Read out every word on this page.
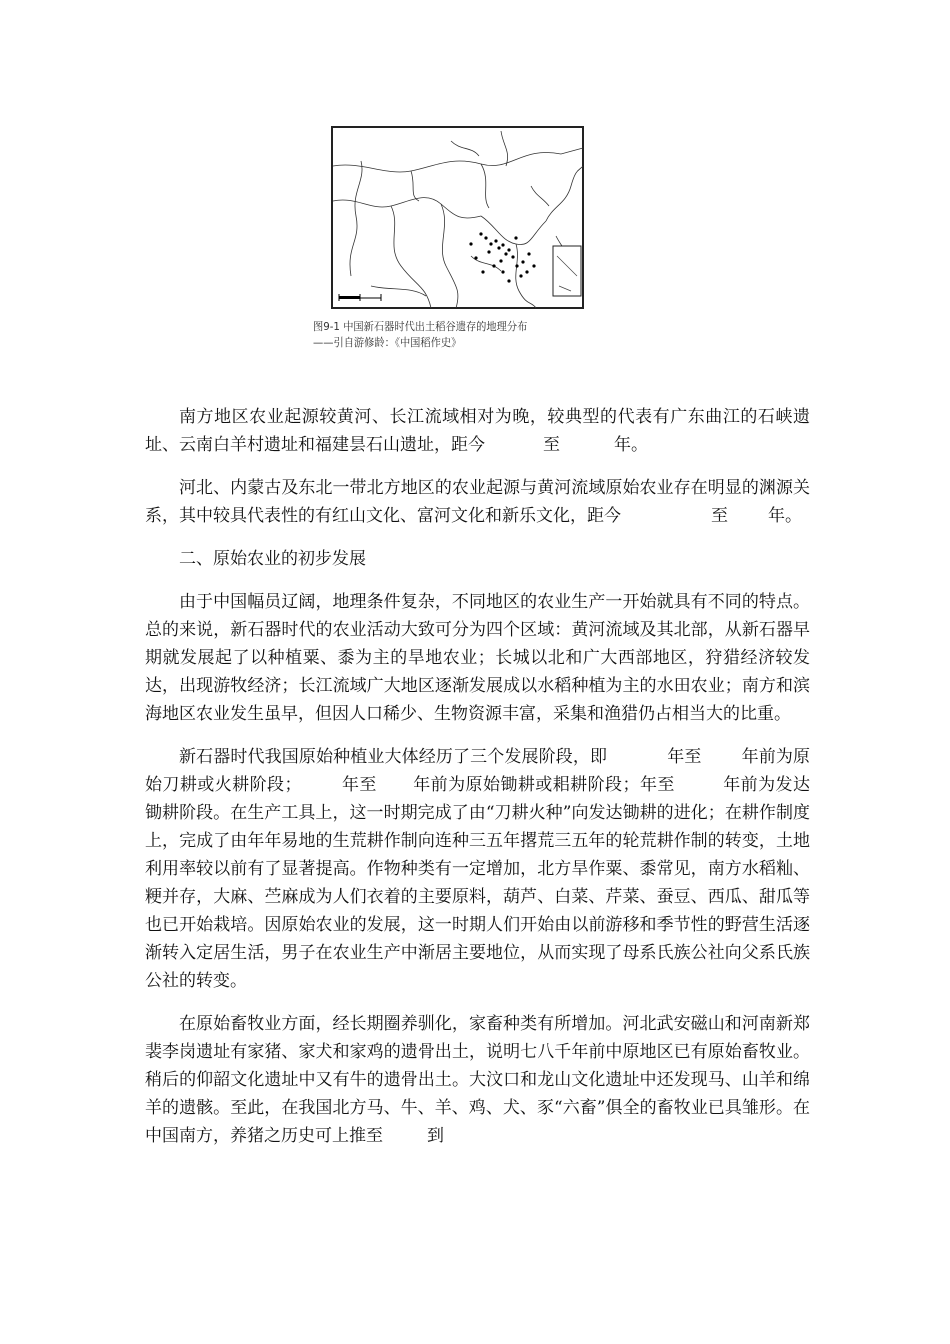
图9-1 中国新石器时代出土稻谷遗存的地理分布
——引自游修龄：《中国稻作史》

南方地区农业起源较黄河、长江流域相对为晚，较典型的代表有广东曲江的石峡遗址、云南白羊村遗址和福建昙石山遗址，距今	至	年。

河北、内蒙古及东北一带北方地区的农业起源与黄河流域原始农业存在明显的渊源关系，其中较具代表性的有红山文化、富河文化和新乐文化，距今	至 年。

二、原始农业的初步发展

由于中国幅员辽阔，地理条件复杂，不同地区的农业生产一开始就具有不同的特点。总的来说，新石器时代的农业活动大致可分为四个区域：黄河流域及其北部，从新石器早期就发展起了以种植粟、黍为主的旱地农业；长城以北和广大西部地区，狩猎经济较发达，出现游牧经济；长江流域广大地区逐渐发展成以水稻种植为主的水田农业；南方和滨海地区农业发生虽早，但因人口稀少、生物资源丰富，采集和渔猎仍占相当大的比重。

新石器时代我国原始种植业大体经历了三个发展阶段，即	年至 年前为原始刀耕或火耕阶段； 年至 年前为原始锄耕或耜耕阶段；年至	年前为发达锄耕阶段。在生产工具上，这一时期完成了由“刀耕火种”向发达锄耕的进化；在耕作制度上，完成了由年年易地的生荒耕作制向连种三五年撂荒三五年的轮荒耕作制的转变，土地利用率较以前有了显著提高。作物种类有一定增加，北方旱作粟、黍常见，南方水稻籼、粳并存，大麻、苎麻成为人们衣着的主要原料，葫芦、白菜、芹菜、蚕豆、西瓜、甜瓜等也已开始栽培。因原始农业的发展，这一时期人们开始由以前游移和季节性的野营生活逐渐转入定居生活，男子在农业生产中渐居主要地位，从而实现了母系氏族公社向父系氏族公社的转变。

在原始畜牧业方面，经长期圈养驯化，家畜种类有所增加。河北武安磁山和河南新郑裴李岗遗址有家猪、家犬和家鸡的遗骨出土，说明七八千年前中原地区已有原始畜牧业。稍后的仰韶文化遗址中又有牛的遗骨出土。大汶口和龙山文化遗址中还发现马、山羊和绵羊的遗骸。至此，在我国北方马、牛、羊、鸡、犬、豕“六畜”俱全的畜牧业已具雏形。在中国南方，养猪之历史可上推至	到
